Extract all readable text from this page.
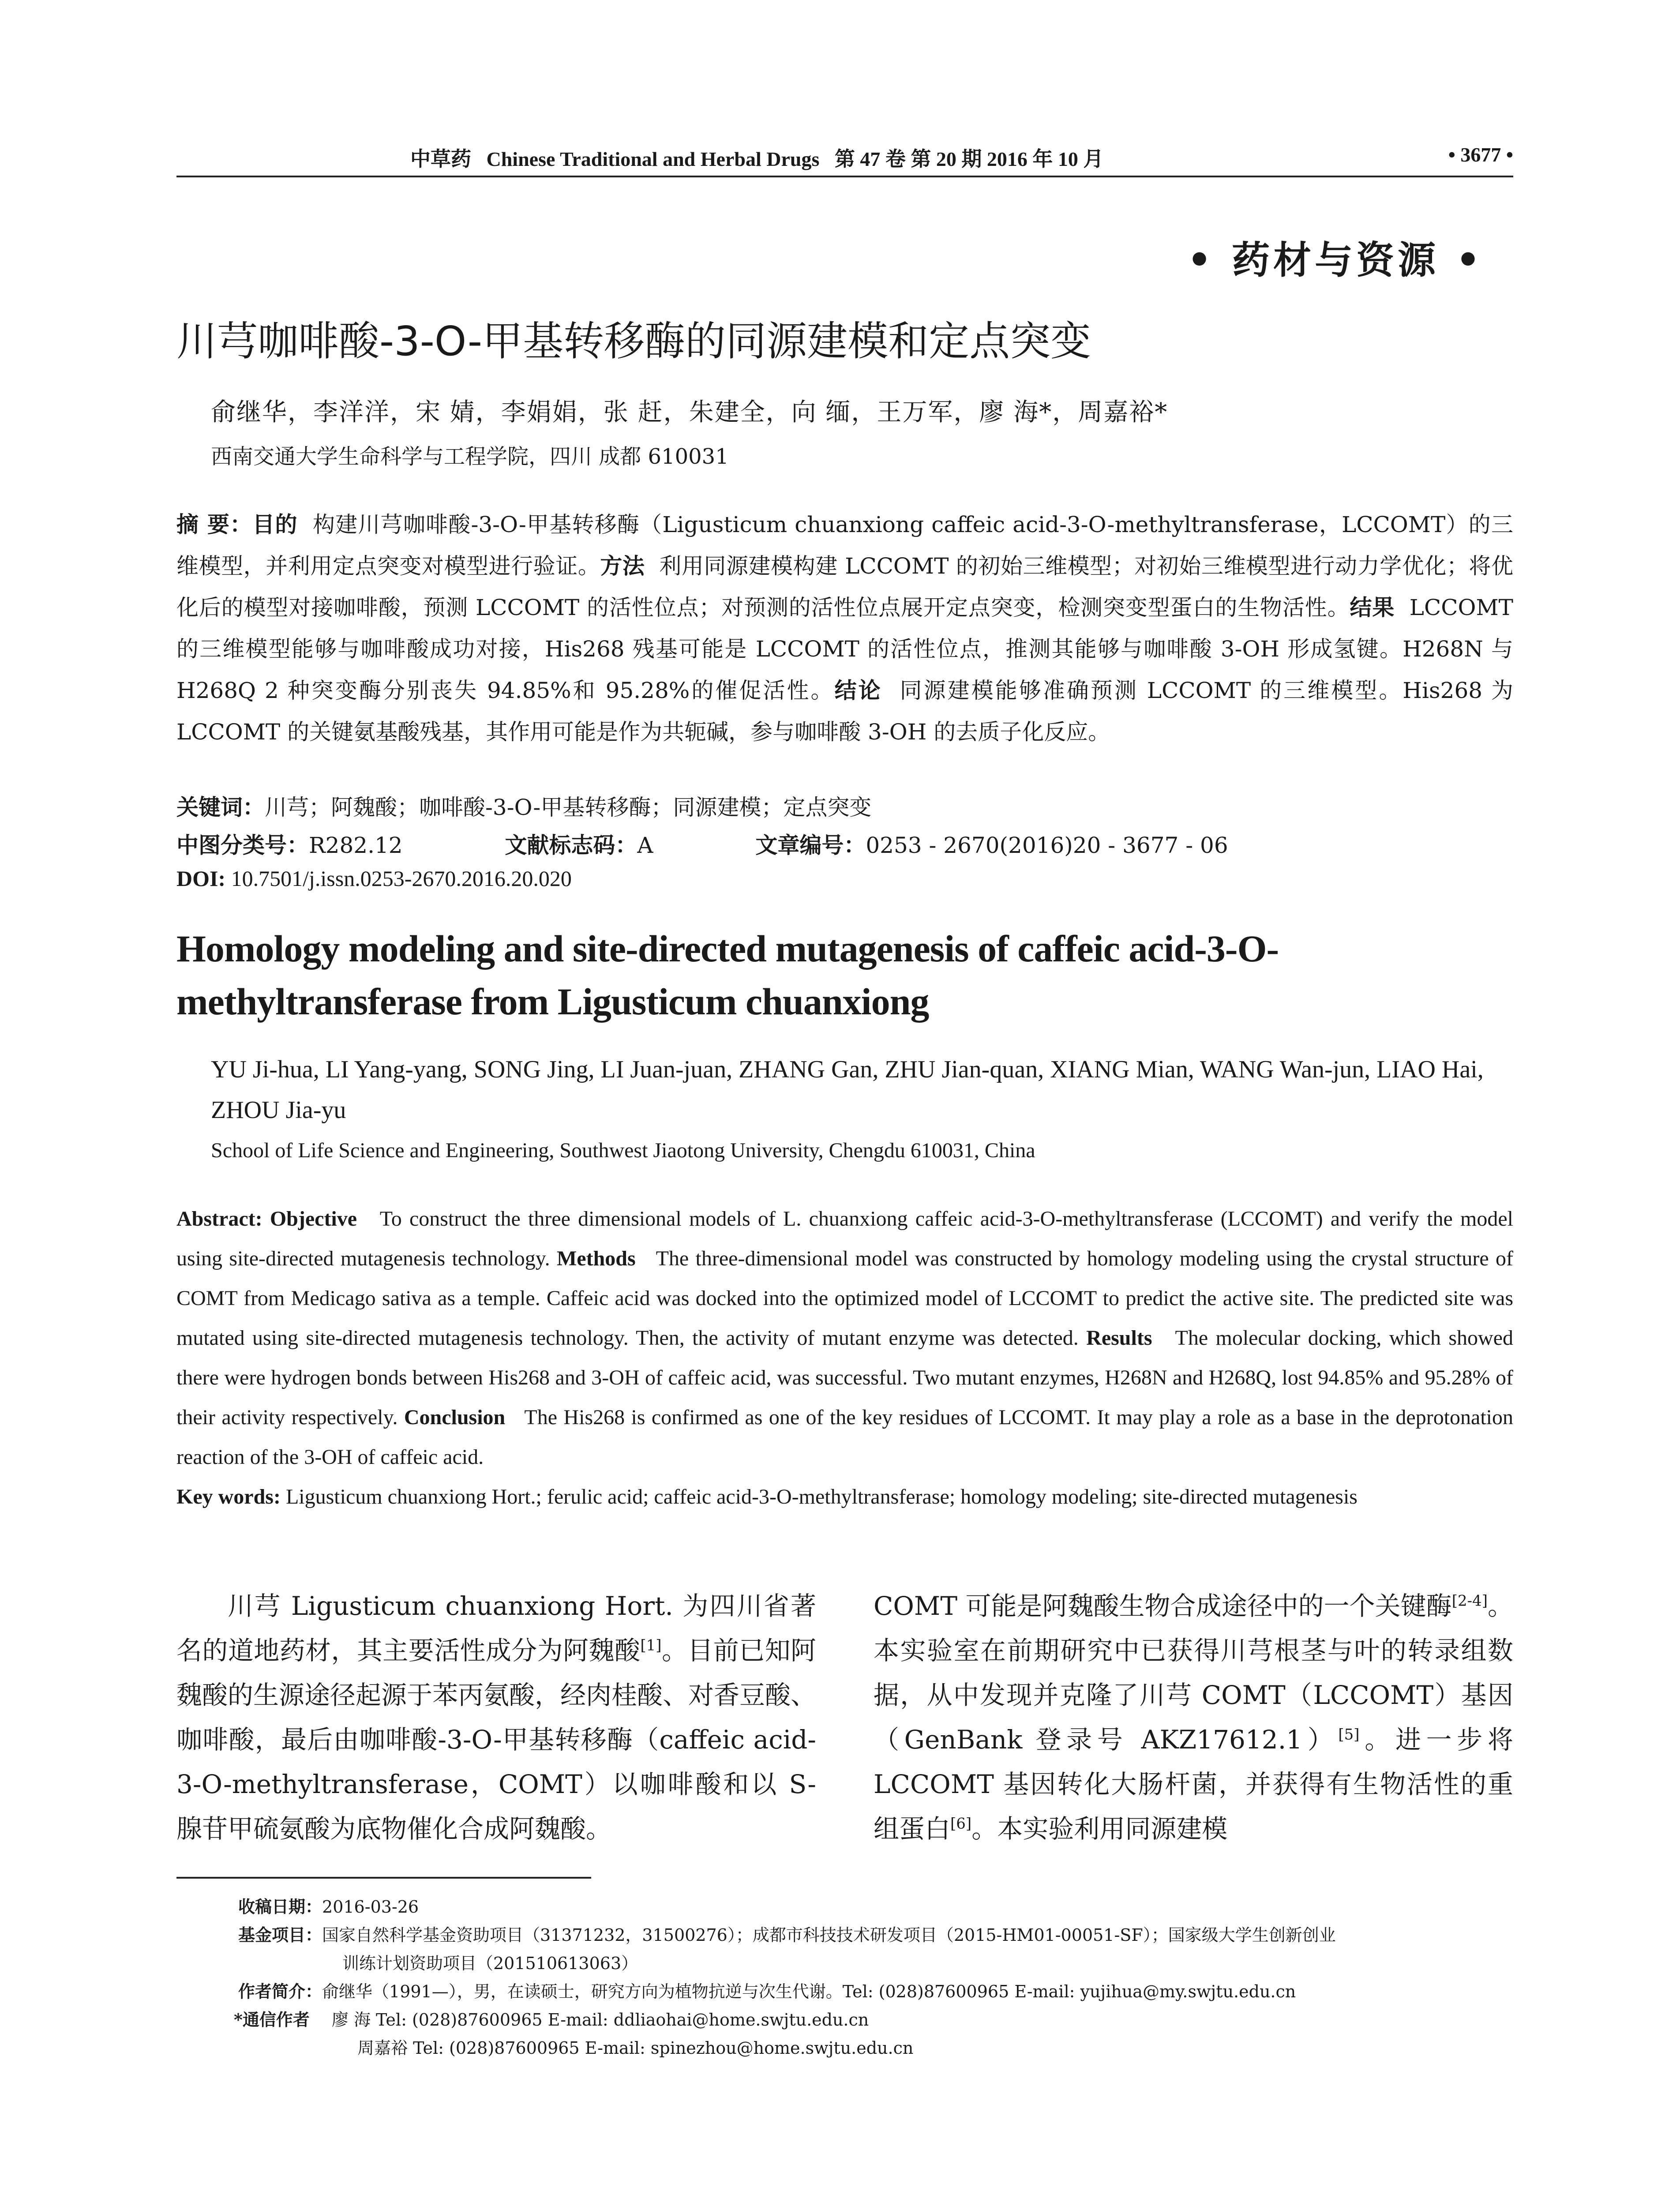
中草药 Chinese Traditional and Herbal Drugs 第 47 卷 第 20 期 2016 年 10 月	• 3677 •
• 药材与资源 •
川芎咖啡酸-3-O-甲基转移酶的同源建模和定点突变
俞继华，李洋洋，宋 婧，李娟娟，张 赶，朱建全，向 缅，王万军，廖 海*，周嘉裕*
西南交通大学生命科学与工程学院，四川 成都 610031
摘 要：目的 构建川芎咖啡酸-3-O-甲基转移酶（Ligusticum chuanxiong caffeic acid-3-O-methyltransferase，LCCOMT）的三维模型，并利用定点突变对模型进行验证。方法 利用同源建模构建 LCCOMT 的初始三维模型；对初始三维模型进行动力学优化；将优化后的模型对接咖啡酸，预测 LCCOMT 的活性位点；对预测的活性位点展开定点突变，检测突变型蛋白的生物活性。结果 LCCOMT 的三维模型能够与咖啡酸成功对接，His268 残基可能是 LCCOMT 的活性位点，推测其能够与咖啡酸 3-OH 形成氢键。H268N 与 H268Q 2 种突变酶分别丧失 94.85%和 95.28%的催促活性。结论 同源建模能够准确预测 LCCOMT 的三维模型。His268 为 LCCOMT 的关键氨基酸残基，其作用可能是作为共轭碱，参与咖啡酸 3-OH 的去质子化反应。
关键词：川芎；阿魏酸；咖啡酸-3-O-甲基转移酶；同源建模；定点突变
中图分类号：R282.12	文献标志码：A	文章编号：0253 - 2670(2016)20 - 3677 - 06
DOI: 10.7501/j.issn.0253-2670.2016.20.020
Homology modeling and site-directed mutagenesis of caffeic acid-3-O-methyltransferase from Ligusticum chuanxiong
YU Ji-hua, LI Yang-yang, SONG Jing, LI Juan-juan, ZHANG Gan, ZHU Jian-quan, XIANG Mian, WANG Wan-jun, LIAO Hai, ZHOU Jia-yu
School of Life Science and Engineering, Southwest Jiaotong University, Chengdu 610031, China
Abstract: Objective To construct the three dimensional models of L. chuanxiong caffeic acid-3-O-methyltransferase (LCCOMT) and verify the model using site-directed mutagenesis technology. Methods The three-dimensional model was constructed by homology modeling using the crystal structure of COMT from Medicago sativa as a temple. Caffeic acid was docked into the optimized model of LCCOMT to predict the active site. The predicted site was mutated using site-directed mutagenesis technology. Then, the activity of mutant enzyme was detected. Results The molecular docking, which showed there were hydrogen bonds between His268 and 3-OH of caffeic acid, was successful. Two mutant enzymes, H268N and H268Q, lost 94.85% and 95.28% of their activity respectively. Conclusion The His268 is confirmed as one of the key residues of LCCOMT. It may play a role as a base in the deprotonation reaction of the 3-OH of caffeic acid.
Key words: Ligusticum chuanxiong Hort.; ferulic acid; caffeic acid-3-O-methyltransferase; homology modeling; site-directed mutagenesis
川芎 Ligusticum chuanxiong Hort. 为四川省著名的道地药材，其主要活性成分为阿魏酸[1]。目前已知阿魏酸的生源途径起源于苯丙氨酸，经肉桂酸、对香豆酸、咖啡酸，最后由咖啡酸-3-O-甲基转移酶（caffeic acid-3-O-methyltransferase，COMT）以咖啡酸和以 S-腺苷甲硫氨酸为底物催化合成阿魏酸。
COMT 可能是阿魏酸生物合成途径中的一个关键酶[2-4]。本实验室在前期研究中已获得川芎根茎与叶的转录组数据，从中发现并克隆了川芎 COMT（LCCOMT）基因（GenBank 登录号 AKZ17612.1）[5]。进一步将 LCCOMT 基因转化大肠杆菌，并获得有生物活性的重组蛋白[6]。本实验利用同源建模
收稿日期： 2016-03-26
基金项目： 国家自然科学基金资助项目（31371232，31500276）；成都市科技技术研发项目（2015-HM01-00051-SF）；国家级大学生创新创业
训练计划资助项目（201510613063）
作者简介： 俞继华（1991—），男，在读硕士，研究方向为植物抗逆与次生代谢。Tel: (028)87600965 E-mail: yujihua@my.swjtu.edu.cn
*通信作者	廖 海 Tel: (028)87600965 E-mail: ddliaohai@home.swjtu.edu.cn
周嘉裕 Tel: (028)87600965 E-mail: spinezhou@home.swjtu.edu.cn
